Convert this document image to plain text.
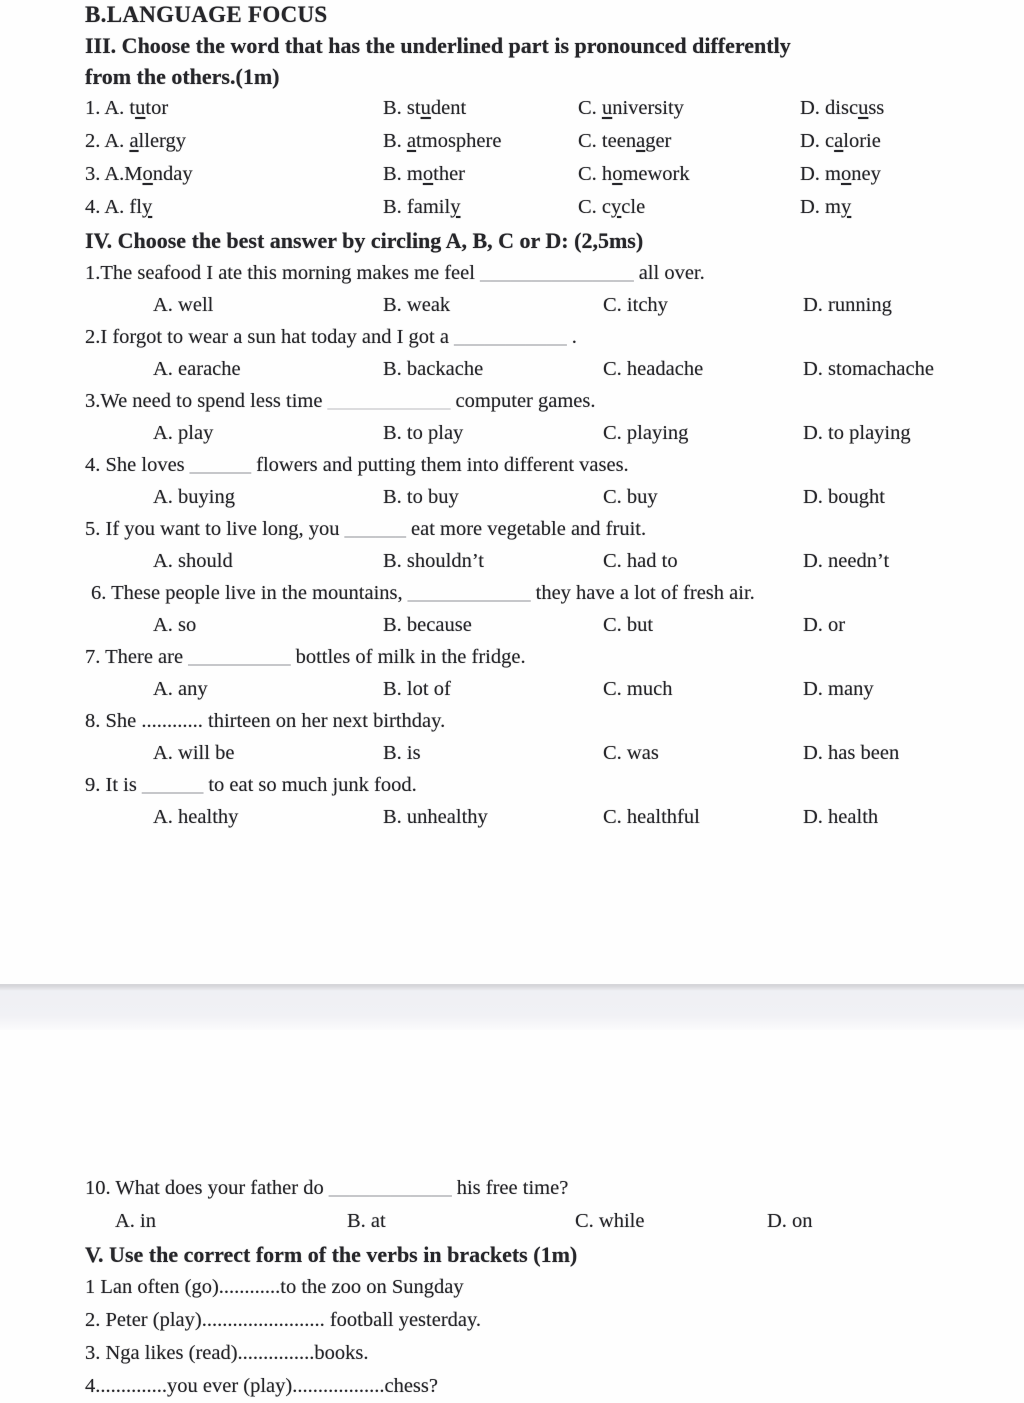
B.LANGUAGE FOCUS
III. Choose the word that has the underlined part is pronounced differently
from the others.(1m)
1. A. tutor	B. student	C. university	D. discuss
2. A. allergy	B. atmosphere	C. teenager	D. calorie
3. A.Monday	B. mother	C. homework	D. money
4. A. fly	B. family	C. cycle	D. my
IV. Choose the best answer by circling A, B, C or D: (2,5ms)
1.The seafood I ate this morning makes me feel _______________ all over.
A. well	B. weak	C. itchy	D. running
2.I forgot to wear a sun hat today and I got a ___________ .
A. earache	B. backache	C. headache	D. stomachache
3.We need to spend less time ____________ computer games.
A. play	B. to play	C. playing	D. to playing
4. She loves ______ flowers and putting them into different vases.
A. buying	B. to buy	C. buy	D. bought
5. If you want to live long, you ______ eat more vegetable and fruit.
A. should	B. shouldn’t	C. had to	D. needn’t
6. These people live in the mountains, ____________ they have a lot of fresh air.
A. so	B. because	C. but	D. or
7. There are __________ bottles of milk in the fridge.
A. any	B. lot of	C. much	D. many
8. She ............ thirteen on her next birthday.
A. will be	B. is	C. was	D. has been
9. It is ______ to eat so much junk food.
A. healthy	B. unhealthy	C. healthful	D. health
10. What does your father do ____________ his free time?
A. in	B. at	C. while	D. on
V. Use the correct form of the verbs in brackets (1m)
1 Lan often (go)............to the zoo on Sungday
2. Peter (play)........................ football yesterday.
3. Nga likes (read)...............books.
4..............you ever (play)..................chess?
